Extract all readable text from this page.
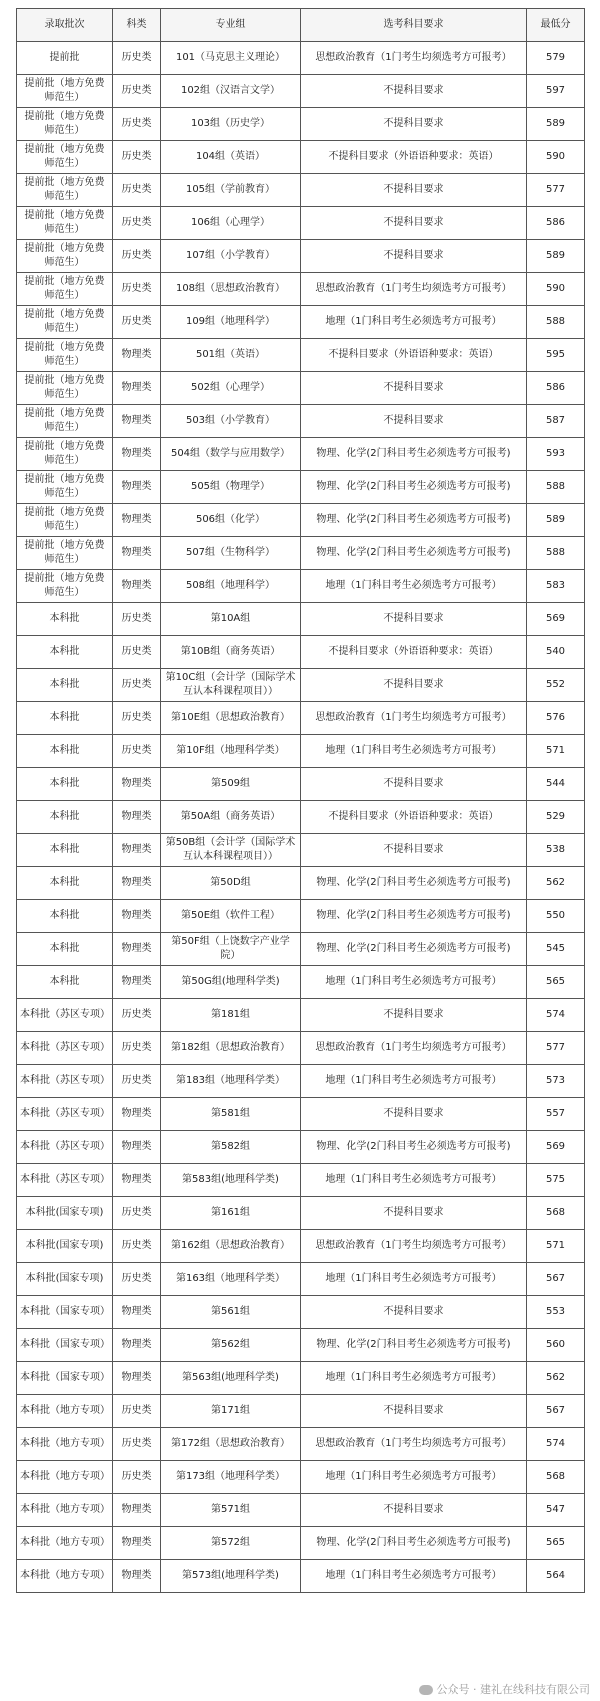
录取批次	科类	专业组	选考科目要求	最低分
提前批	历史类	101（马克思主义理论）	思想政治教育（1门考生均须选考方可报考）	579
提前批（地方免费师范生）	历史类	102组（汉语言文学）	不提科目要求	597
提前批（地方免费师范生）	历史类	103组（历史学）	不提科目要求	589
提前批（地方免费师范生）	历史类	104组（英语）	不提科目要求（外语语种要求：英语）	590
提前批（地方免费师范生）	历史类	105组（学前教育）	不提科目要求	577
提前批（地方免费师范生）	历史类	106组（心理学）	不提科目要求	586
提前批（地方免费师范生）	历史类	107组（小学教育）	不提科目要求	589
提前批（地方免费师范生）	历史类	108组（思想政治教育）	思想政治教育（1门考生均须选考方可报考）	590
提前批（地方免费师范生）	历史类	109组（地理科学）	地理（1门科目考生必须选考方可报考）	588
提前批（地方免费师范生）	物理类	501组（英语）	不提科目要求（外语语种要求：英语）	595
提前批（地方免费师范生）	物理类	502组（心理学）	不提科目要求	586
提前批（地方免费师范生）	物理类	503组（小学教育）	不提科目要求	587
提前批（地方免费师范生）	物理类	504组（数学与应用数学）	物理、化学(2门科目考生必须选考方可报考)	593
提前批（地方免费师范生）	物理类	505组（物理学）	物理、化学(2门科目考生必须选考方可报考)	588
提前批（地方免费师范生）	物理类	506组（化学）	物理、化学(2门科目考生必须选考方可报考)	589
提前批（地方免费师范生）	物理类	507组（生物科学）	物理、化学(2门科目考生必须选考方可报考)	588
提前批（地方免费师范生）	物理类	508组（地理科学）	地理（1门科目考生必须选考方可报考）	583
本科批	历史类	第10A组	不提科目要求	569
本科批	历史类	第10B组（商务英语）	不提科目要求（外语语种要求：英语）	540
本科批	历史类	第10C组（会计学（国际学术互认本科课程项目））	不提科目要求	552
本科批	历史类	第10E组（思想政治教育）	思想政治教育（1门考生均须选考方可报考）	576
本科批	历史类	第10F组（地理科学类）	地理（1门科目考生必须选考方可报考）	571
本科批	物理类	第509组	不提科目要求	544
本科批	物理类	第50A组（商务英语）	不提科目要求（外语语种要求：英语）	529
本科批	物理类	第50B组（会计学（国际学术互认本科课程项目））	不提科目要求	538
本科批	物理类	第50D组	物理、化学(2门科目考生必须选考方可报考)	562
本科批	物理类	第50E组（软件工程）	物理、化学(2门科目考生必须选考方可报考)	550
本科批	物理类	第50F组（上饶数字产业学院）	物理、化学(2门科目考生必须选考方可报考)	545
本科批	物理类	第50G组(地理科学类)	地理（1门科目考生必须选考方可报考）	565
本科批（苏区专项）	历史类	第181组	不提科目要求	574
本科批（苏区专项）	历史类	第182组（思想政治教育）	思想政治教育（1门考生均须选考方可报考）	577
本科批（苏区专项）	历史类	第183组（地理科学类）	地理（1门科目考生必须选考方可报考）	573
本科批（苏区专项）	物理类	第581组	不提科目要求	557
本科批（苏区专项）	物理类	第582组	物理、化学(2门科目考生必须选考方可报考)	569
本科批（苏区专项）	物理类	第583组(地理科学类)	地理（1门科目考生必须选考方可报考）	575
本科批(国家专项)	历史类	第161组	不提科目要求	568
本科批(国家专项)	历史类	第162组（思想政治教育）	思想政治教育（1门考生均须选考方可报考）	571
本科批(国家专项)	历史类	第163组（地理科学类）	地理（1门科目考生必须选考方可报考）	567
本科批（国家专项）	物理类	第561组	不提科目要求	553
本科批（国家专项）	物理类	第562组	物理、化学(2门科目考生必须选考方可报考)	560
本科批（国家专项）	物理类	第563组(地理科学类)	地理（1门科目考生必须选考方可报考）	562
本科批（地方专项）	历史类	第171组	不提科目要求	567
本科批（地方专项）	历史类	第172组（思想政治教育）	思想政治教育（1门考生均须选考方可报考）	574
本科批（地方专项）	历史类	第173组（地理科学类）	地理（1门科目考生必须选考方可报考）	568
本科批（地方专项）	物理类	第571组	不提科目要求	547
本科批（地方专项）	物理类	第572组	物理、化学(2门科目考生必须选考方可报考)	565
本科批（地方专项）	物理类	第573组(地理科学类)	地理（1门科目考生必须选考方可报考）	564
公众号 · 建礼在线科技有限公司
